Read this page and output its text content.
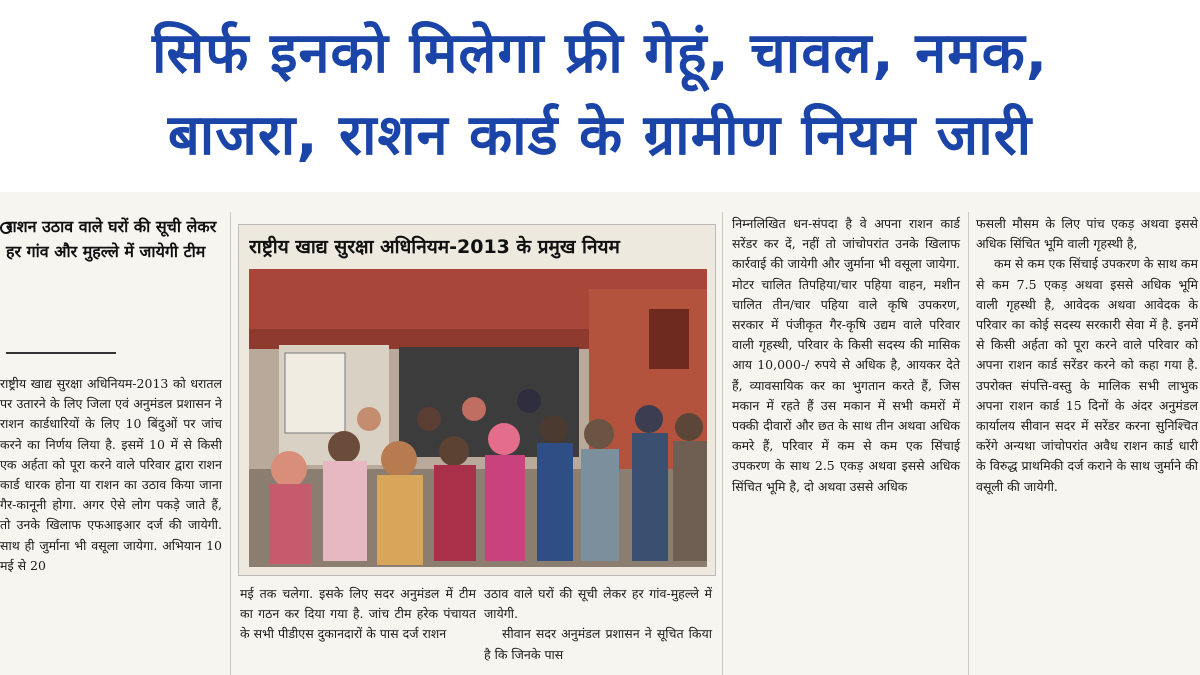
सिर्फ इनको मिलेगा फ्री गेहूं, चावल, नमक,
बाजरा, राशन कार्ड के ग्रामीण नियम जारी
राशन उठाव वाले घरों की सूची लेकर हर गांव और मुहल्ले में जायेगी टीम

राष्ट्रीय खाद्य सुरक्षा अधिनियम-2013 को धरातल पर उतारने के लिए जिला एवं अनुमंडल प्रशासन ने राशन कार्डधारियों के लिए 10 बिंदुओं पर जांच करने का निर्णय लिया है. इसमें 10 में से किसी एक अर्हता को पूरा करने वाले परिवार द्वारा राशन कार्ड धारक होना या राशन का उठाव किया जाना गैर-कानूनी होगा. अगर ऐसे लोग पकड़े जाते हैं, तो उनके खिलाफ एफआइआर दर्ज की जायेगी. साथ ही जुर्माना भी वसूला जायेगा. अभियान 10 मई से 20

राष्ट्रीय खाद्य सुरक्षा अधिनियम-2013 के प्रमुख नियम

मई तक चलेगा. इसके लिए सदर अनुमंडल में टीम का गठन कर दिया गया है. जांच टीम हरेक पंचायत के सभी पीडीएस दुकानदारों के पास दर्ज राशन

उठाव वाले घरों की सूची लेकर हर गांव-मुहल्ले में जायेगी.

सीवान सदर अनुमंडल प्रशासन ने सूचित किया है कि जिनके पास

निम्नलिखित धन-संपदा है वे अपना राशन कार्ड सरेंडर कर दें, नहीं तो जांचोपरांत उनके खिलाफ कार्रवाई की जायेगी और जुर्माना भी वसूला जायेगा. मोटर चालित तिपहिया/चार पहिया वाहन, मशीन चालित तीन/चार पहिया वाले कृषि उपकरण, सरकार में पंजीकृत गैर-कृषि उद्यम वाले परिवार वाली गृहस्थी, परिवार के किसी सदस्य की मासिक आय 10,000-/ रुपये से अधिक है, आयकर देते हैं, व्यावसायिक कर का भुगतान करते हैं, जिस मकान में रहते हैं उस मकान में सभी कमरों में पक्की दीवारों और छत के साथ तीन अथवा अधिक कमरे हैं, परिवार में कम से कम एक सिंचाई उपकरण के साथ 2.5 एकड़ अथवा इससे अधिक सिंचित भूमि है, दो अथवा उससे अधिक

फसली मौसम के लिए पांच एकड़ अथवा इससे अधिक सिंचित भूमि वाली गृहस्थी है,

कम से कम एक सिंचाई उपकरण के साथ कम से कम 7.5 एकड़ अथवा इससे अधिक भूमि वाली गृहस्थी है, आवेदक अथवा आवेदक के परिवार का कोई सदस्य सरकारी सेवा में है. इनमें से किसी अर्हता को पूरा करने वाले परिवार को अपना राशन कार्ड सरेंडर करने को कहा गया है. उपरोक्त संपत्ति-वस्तु के मालिक सभी लाभुक अपना राशन कार्ड 15 दिनों के अंदर अनुमंडल कार्यालय सीवान सदर में सरेंडर करना सुनिश्चित करेंगे अन्यथा जांचोपरांत अवैध राशन कार्ड धारी के विरुद्ध प्राथमिकी दर्ज कराने के साथ जुर्माने की वसूली की जायेगी.
